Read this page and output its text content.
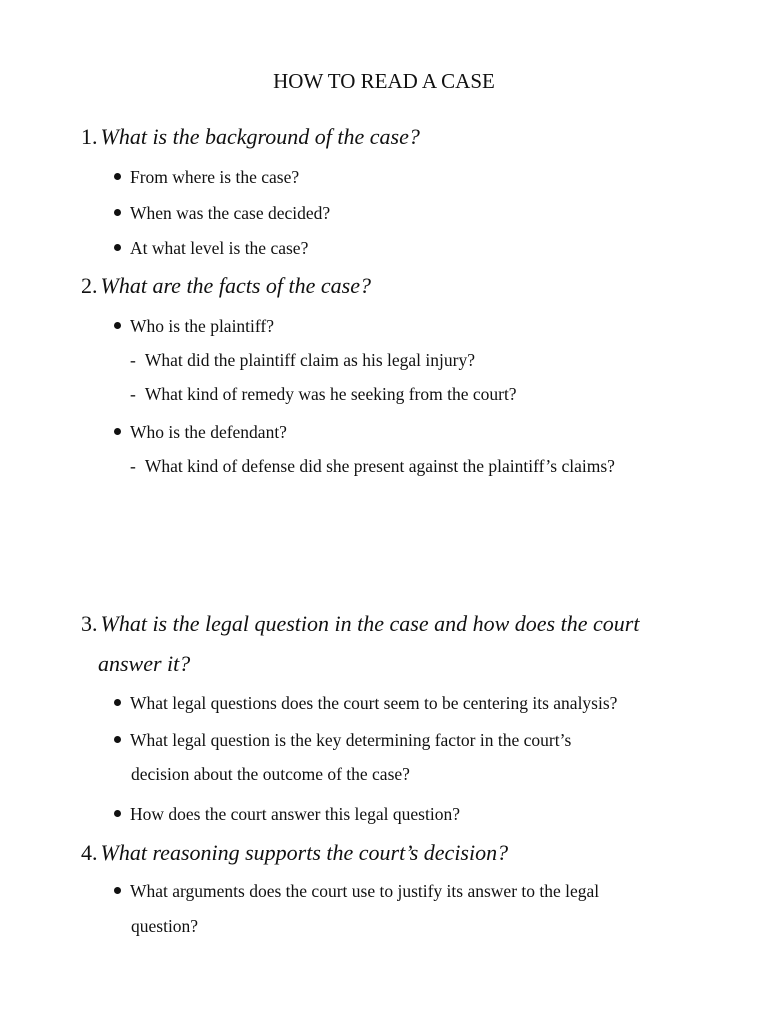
HOW TO READ A CASE
1. What is the background of the case?
From where is the case?
When was the case decided?
At what level is the case?
2. What are the facts of the case?
Who is the plaintiff?
- What did the plaintiff claim as his legal injury?
- What kind of remedy was he seeking from the court?
Who is the defendant?
- What kind of defense did she present against the plaintiff’s claims?
3. What is the legal question in the case and how does the court
answer it?
What legal questions does the court seem to be centering its analysis?
What legal question is the key determining factor in the court’s
decision about the outcome of the case?
How does the court answer this legal question?
4. What reasoning supports the court’s decision?
What arguments does the court use to justify its answer to the legal
question?
